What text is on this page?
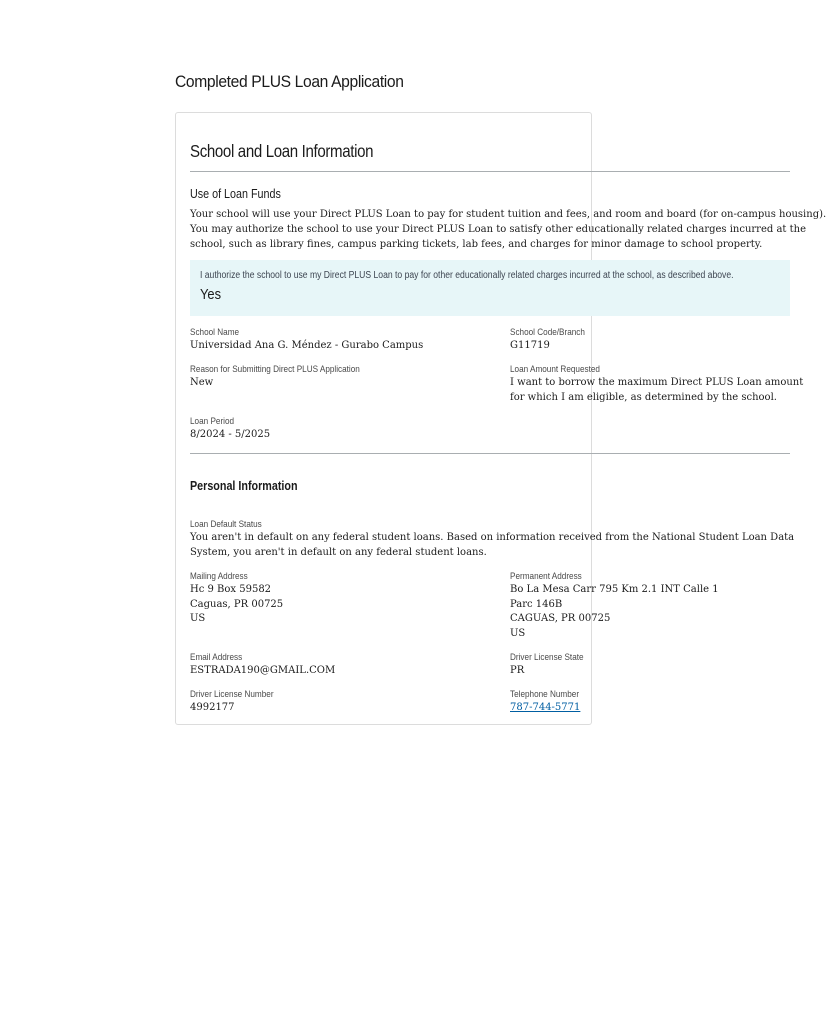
Completed PLUS Loan Application
School and Loan Information
Use of Loan Funds
Your school will use your Direct PLUS Loan to pay for student tuition and fees, and room and board (for on-campus housing).
You may authorize the school to use your Direct PLUS Loan to satisfy other educationally related charges incurred at the
school, such as library fines, campus parking tickets, lab fees, and charges for minor damage to school property.
I authorize the school to use my Direct PLUS Loan to pay for other educationally related charges incurred at the school, as described above.
Yes
School Name
Universidad Ana G. Méndez - Gurabo Campus
Reason for Submitting Direct PLUS Application
New
Loan Period
8/2024 - 5/2025
School Code/Branch
G11719
Loan Amount Requested
I want to borrow the maximum Direct PLUS Loan amount
for which I am eligible, as determined by the school.
Personal Information
Loan Default Status
You aren't in default on any federal student loans. Based on information received from the National Student Loan Data
System, you aren't in default on any federal student loans.
Mailing Address
Hc 9 Box 59582
Caguas, PR 00725
US
Permanent Address
Bo La Mesa Carr 795 Km 2.1 INT Calle 1
Parc 146B
CAGUAS, PR 00725
US
Email Address
ESTRADA190@GMAIL.COM
Driver License State
PR
Driver License Number
4992177
Telephone Number
787-744-5771
